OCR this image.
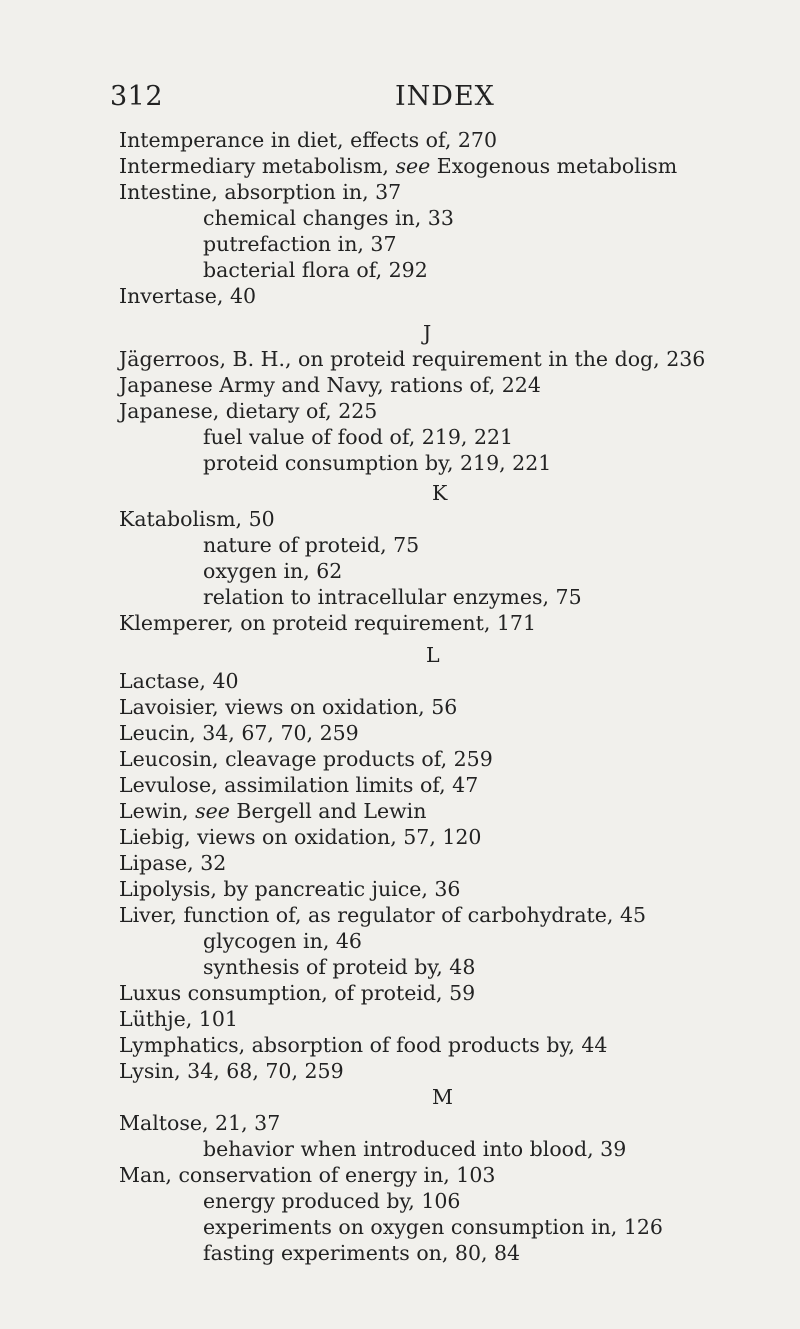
312	INDEX
Intemperance in diet, effects of, 270
Intermediary metabolism, see Exogenous metabolism
Intestine, absorption in, 37
chemical changes in, 33
putrefaction in, 37
bacterial flora of, 292
Invertase, 40
J
Jägerroos, B. H., on proteid requirement in the dog, 236
Japanese Army and Navy, rations of, 224
Japanese, dietary of, 225
fuel value of food of, 219, 221
proteid consumption by, 219, 221
K
Katabolism, 50
nature of proteid, 75
oxygen in, 62
relation to intracellular enzymes, 75
Klemperer, on proteid requirement, 171
L
Lactase, 40
Lavoisier, views on oxidation, 56
Leucin, 34, 67, 70, 259
Leucosin, cleavage products of, 259
Levulose, assimilation limits of, 47
Lewin, see Bergell and Lewin
Liebig, views on oxidation, 57, 120
Lipase, 32
Lipolysis, by pancreatic juice, 36
Liver, function of, as regulator of carbohydrate, 45
glycogen in, 46
synthesis of proteid by, 48
Luxus consumption, of proteid, 59
Lüthje, 101
Lymphatics, absorption of food products by, 44
Lysin, 34, 68, 70, 259
M
Maltose, 21, 37
behavior when introduced into blood, 39
Man, conservation of energy in, 103
energy produced by, 106
experiments on oxygen consumption in, 126
fasting experiments on, 80, 84
